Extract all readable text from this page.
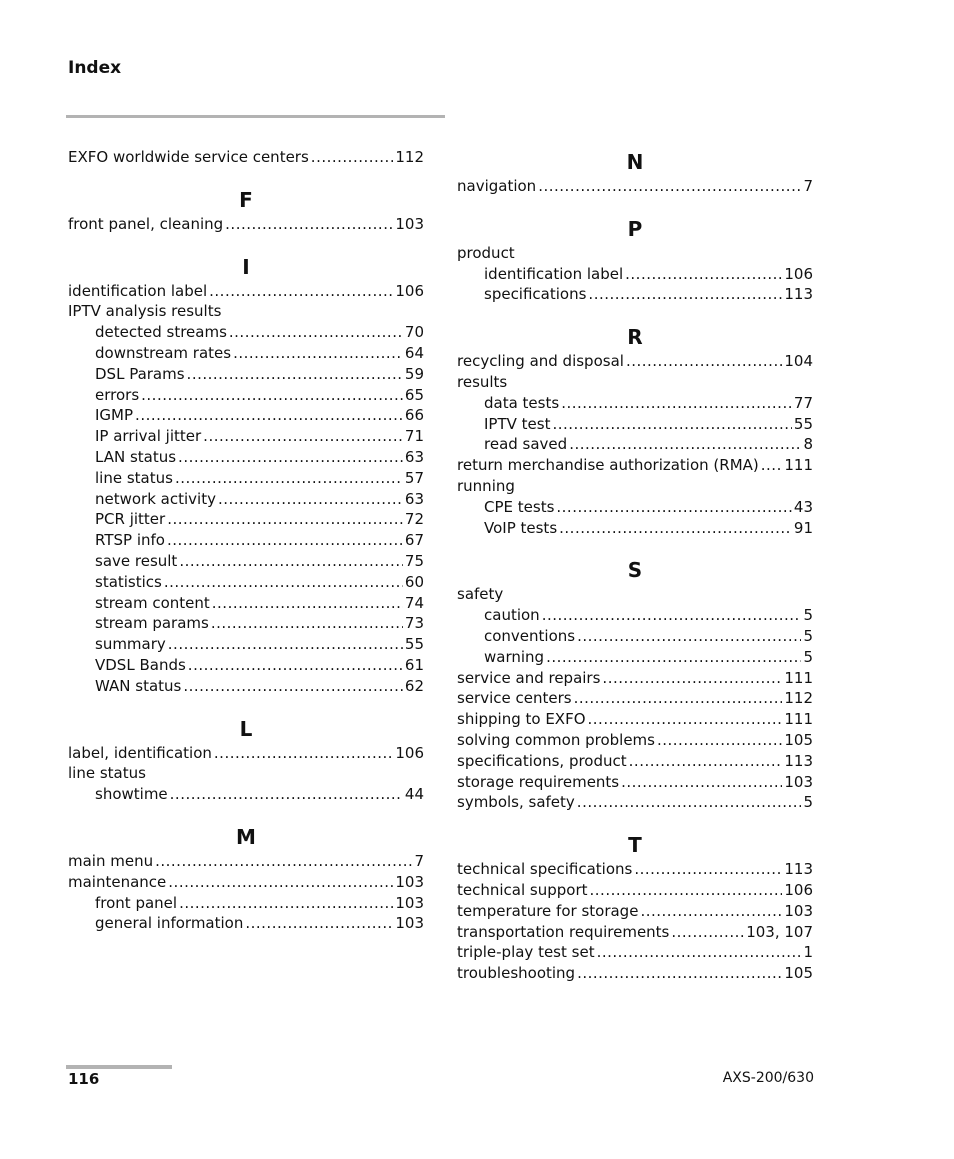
Index
EXFO worldwide service centers .....	112
F
front panel, cleaning .....	103
I
identification label .....	106
IPTV analysis results
detected streams .....	70
downstream rates .....	64
DSL Params .....	59
errors .....	65
IGMP .....	66
IP arrival jitter .....	71
LAN status .....	63
line status .....	57
network activity .....	63
PCR jitter .....	72
RTSP info .....	67
save result .....	75
statistics .....	60
stream content .....	74
stream params .....	73
summary .....	55
VDSL Bands .....	61
WAN status .....	62
L
label, identification .....	106
line status
showtime .....	44
M
main menu .....	7
maintenance .....	103
front panel .....	103
general information .....	103
N
navigation .....	7
P
product
identification label .....	106
specifications .....	113
R
recycling and disposal .....	104
results
data tests .....	77
IPTV test .....	55
read saved .....	8
return merchandise authorization (RMA) ..... 111
running
CPE tests .....	43
VoIP tests .....	91
S
safety
caution .....	5
conventions .....	5
warning .....	5
service and repairs .....	111
service centers .....	112
shipping to EXFO .....	111
solving common problems .....	105
specifications, product .....	113
storage requirements .....	103
symbols, safety .....	5
T
technical specifications .....	113
technical support .....	106
temperature for storage .....	103
transportation requirements .....	103, 107
triple-play test set .....	1
troubleshooting .....	105
116	AXS-200/630
